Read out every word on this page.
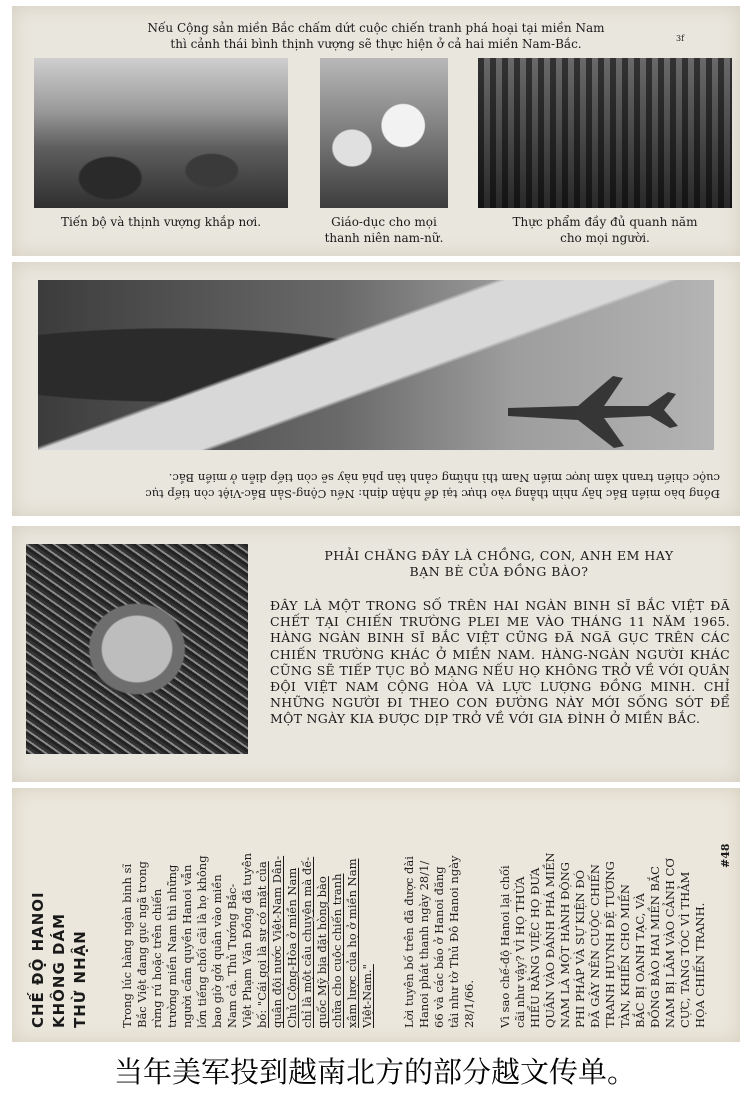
Nếu Cộng sản miền Bắc chấm dứt cuộc chiến tranh phá hoại tại miền Nam
thì cảnh thái bình thịnh vượng sẽ thực hiện ở cả hai miền Nam-Bắc.	3f
Tiến bộ và thịnh vượng khắp nơi.	Giáo-dục cho mọi
thanh niên nam-nữ.
Thực phẩm đầy đủ quanh năm
cho mọi người.
Đồng bào miền Bắc hãy nhìn thẳng vào thực tại để nhận định: Nếu Cộng-Sản Bắc-Việt còn tiếp tục
cuộc chiến tranh xâm lược miền Nam thì những cảnh tàn phá này sẽ còn tiếp diễn ở miền Bắc.
PHẢI CHĂNG ĐÂY LÀ CHỒNG, CON, ANH EM HAY
BẠN BÈ CỦA ĐỒNG BÀO?
ĐÂY LÀ MỘT TRONG SỐ TRÊN HAI NGÀN BINH SĨ BẮC VIỆT ĐÃ CHẾT TẠI CHIẾN TRƯỜNG PLEI ME VÀO THÁNG 11 NĂM 1965. HÀNG NGÀN BINH SĨ BẮC VIỆT CŨNG ĐÃ NGÃ GỤC TRÊN CÁC CHIẾN TRƯỜNG KHÁC Ở MIỀN NAM. HÀNG-NGÀN NGƯỜI KHÁC CŨNG SẼ TIẾP TỤC BỎ MẠNG NẾU HỌ KHÔNG TRỞ VỀ VỚI QUÂN ĐỘI VIỆT NAM CỘNG HÒA VÀ LỰC LƯỢNG ĐỒNG MINH. CHỈ NHỮNG NGƯỜI ĐI THEO CON ĐƯỜNG NÀY MỚI SỐNG SÓT ĐỂ MỘT NGÀY KIA ĐƯỢC DỊP TRỞ VỀ VỚI GIA ĐÌNH Ở MIỀN BẮC.
CHẾ ĐỘ HANOI KHÔNG DÁM THỪ NHẬN	Trong lúc hàng ngàn binh sĩ Bắc Việt đang gục ngã trong rừng rú hoặc trên chiến trường miền Nam thì những người cầm quyền Hanoi vẫn lớn tiếng chối cãi là họ không bao giờ gởi quân vào miền Nam cả. Thủ Tướng Bắc- Việt Phạm Văn Đồng đã tuyên bố: "Cái gọi là sự có mặt của quân đội nước Việt-Nam Dân- Chủ Cộng-Hòa ở miền Nam chỉ là một câu chuyện mà đế- quốc Mỹ bịa đặt hòng bào chữa cho cuộc chiến tranh xâm lược của họ ở miền Nam Việt-Nam." Lời tuyên bố trên đã được đài Hanoi phát thanh ngày 28/1/ 66 và các báo ở Hanoi đăng tải như tờ Thủ Đô Hanoi ngày 28/1/66. Vì sao chế-độ Hanoi lại chối cãi như vậy? VÌ HỌ THỪA HIỂU RẰNG VIỆC HỌ ĐƯA QUÂN VÀO ĐÁNH PHÁ MIỀN NAM LÀ MỘT HÀNH ĐỘNG PHI PHÁP VÀ SỰ KIỆN ĐÓ ĐÃ GÂY NÊN CUỘC CHIẾN TRANH HUYNH ĐỆ TƯƠNG TÀN, KHIẾN CHO MIỀN BẮC BỊ OANH TẠC, VÀ ĐỒNG BÀO HAI MIỀN BẮC NAM BỊ LÂM VÀO CẢNH CƠ CỰC, TANG TÓC VÌ THẢM HỌA CHIẾN TRANH.
#48
当年美军投到越南北方的部分越文传单。
